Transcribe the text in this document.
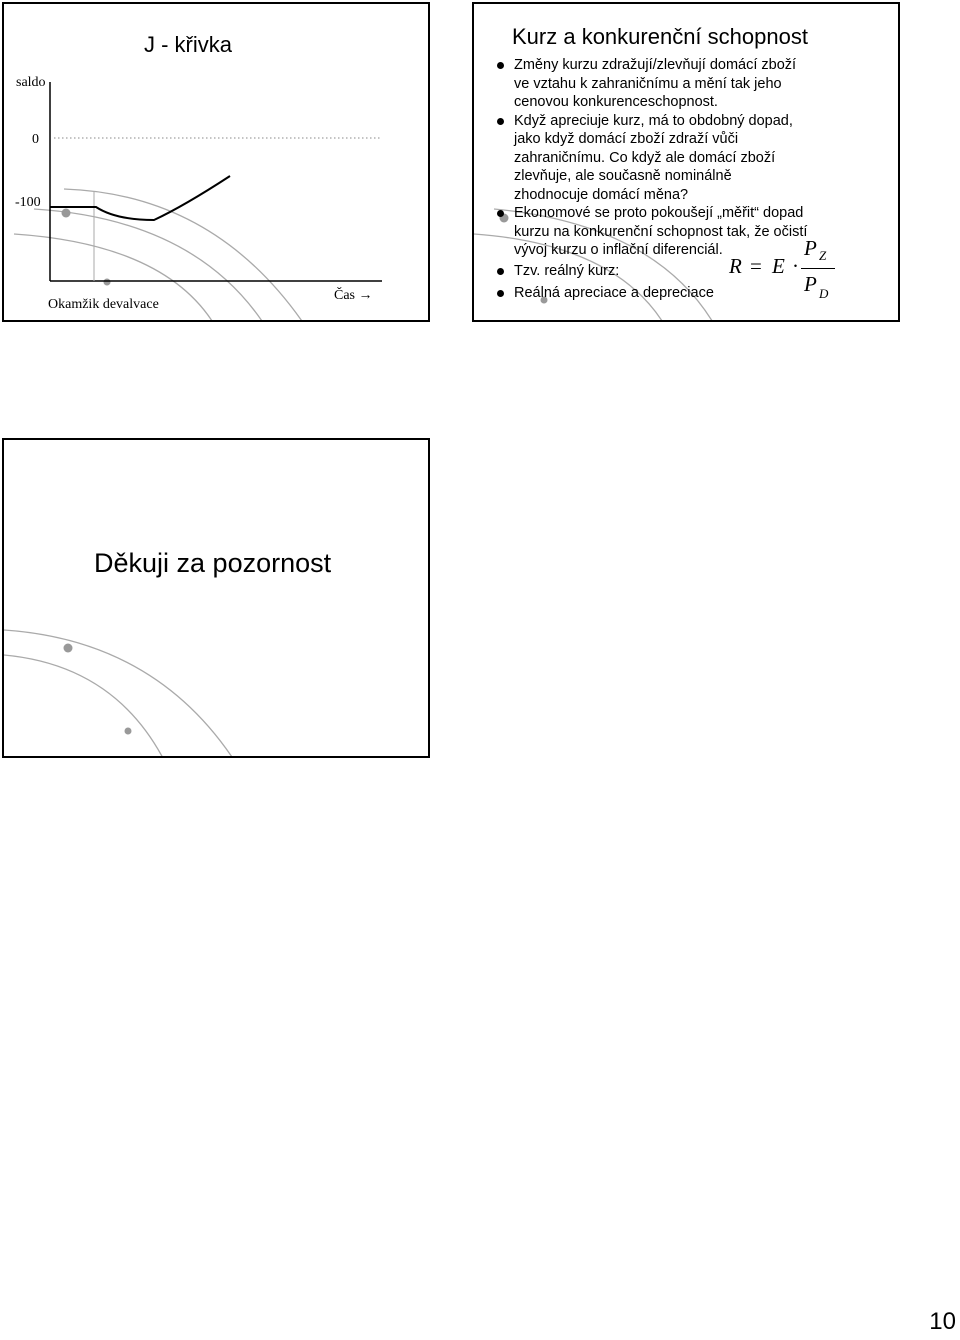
J - křivka
saldo
0
-100
Okamžik devalvace
Čas →
Kurz a konkurenční schopnost
Změny kurzu zdražují/zlevňují domácí zboží
ve vztahu k zahraničnímu a mění tak jeho
cenovou konkurenceschopnost.
Když apreciuje kurz, má to obdobný dopad,
jako když domácí zboží zdraží vůči
zahraničnímu. Co když ale domácí zboží
zlevňuje, ale současně nominálně
zhodnocuje domácí měna?
Ekonomové se proto pokoušejí „měřit“ dopad
kurzu na konkurenční schopnost tak, že očistí
vývoj kurzu o inflační diferenciál.
Tzv. reálný kurz:
Reálná apreciace a depreciace
R = E ·
P Z
P D
Děkuji za pozornost
10
